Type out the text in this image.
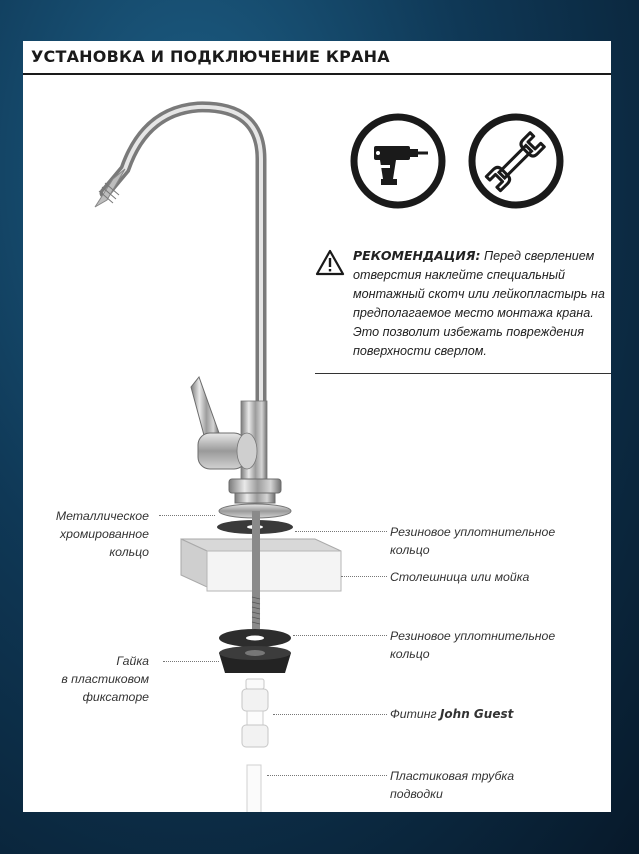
УСТАНОВКА И ПОДКЛЮЧЕНИЕ КРАНА

РЕКОМЕНДАЦИЯ: Перед сверлением отверстия наклейте специальный монтажный скотч или лейкопластырь на предполагаемое место монтажа крана. Это позволит избежать повреждения поверхности сверлом.

Металлическое
хромированное
кольцо
Гайка
в пластиковом
фиксаторе
Резиновое уплотнительное
кольцо
Столешница или мойка
Резиновое уплотнительное
кольцо
Фитинг John Guest
Пластиковая трубка
подводки
